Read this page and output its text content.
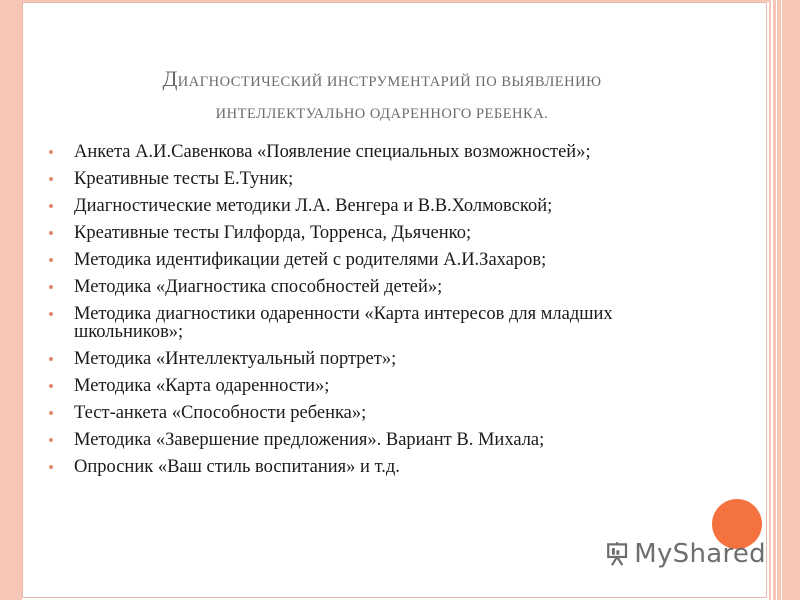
ДИАГНОСТИЧЕСКИЙ ИНСТРУМЕНТАРИЙ ПО ВЫЯВЛЕНИЮ
ИНТЕЛЛЕКТУАЛЬНО ОДАРЕННОГО РЕБЕНКА.
Анкета А.И.Савенкова «Появление специальных возможностей»;
Креативные тесты Е.Туник;
Диагностические методики Л.А. Венгера и В.В.Холмовской;
Креативные тесты Гилфорда, Торренса, Дьяченко;
Методика идентификации детей с родителями А.И.Захаров;
Методика «Диагностика способностей детей»;
Методика диагностики одаренности «Карта интересов для младших школьников»;
Методика «Интеллектуальный портрет»;
Методика «Карта одаренности»;
Тест-анкета «Способности ребенка»;
Методика «Завершение предложения». Вариант В. Михала;
Опросник «Ваш стиль воспитания» и т.д.
MyShared
